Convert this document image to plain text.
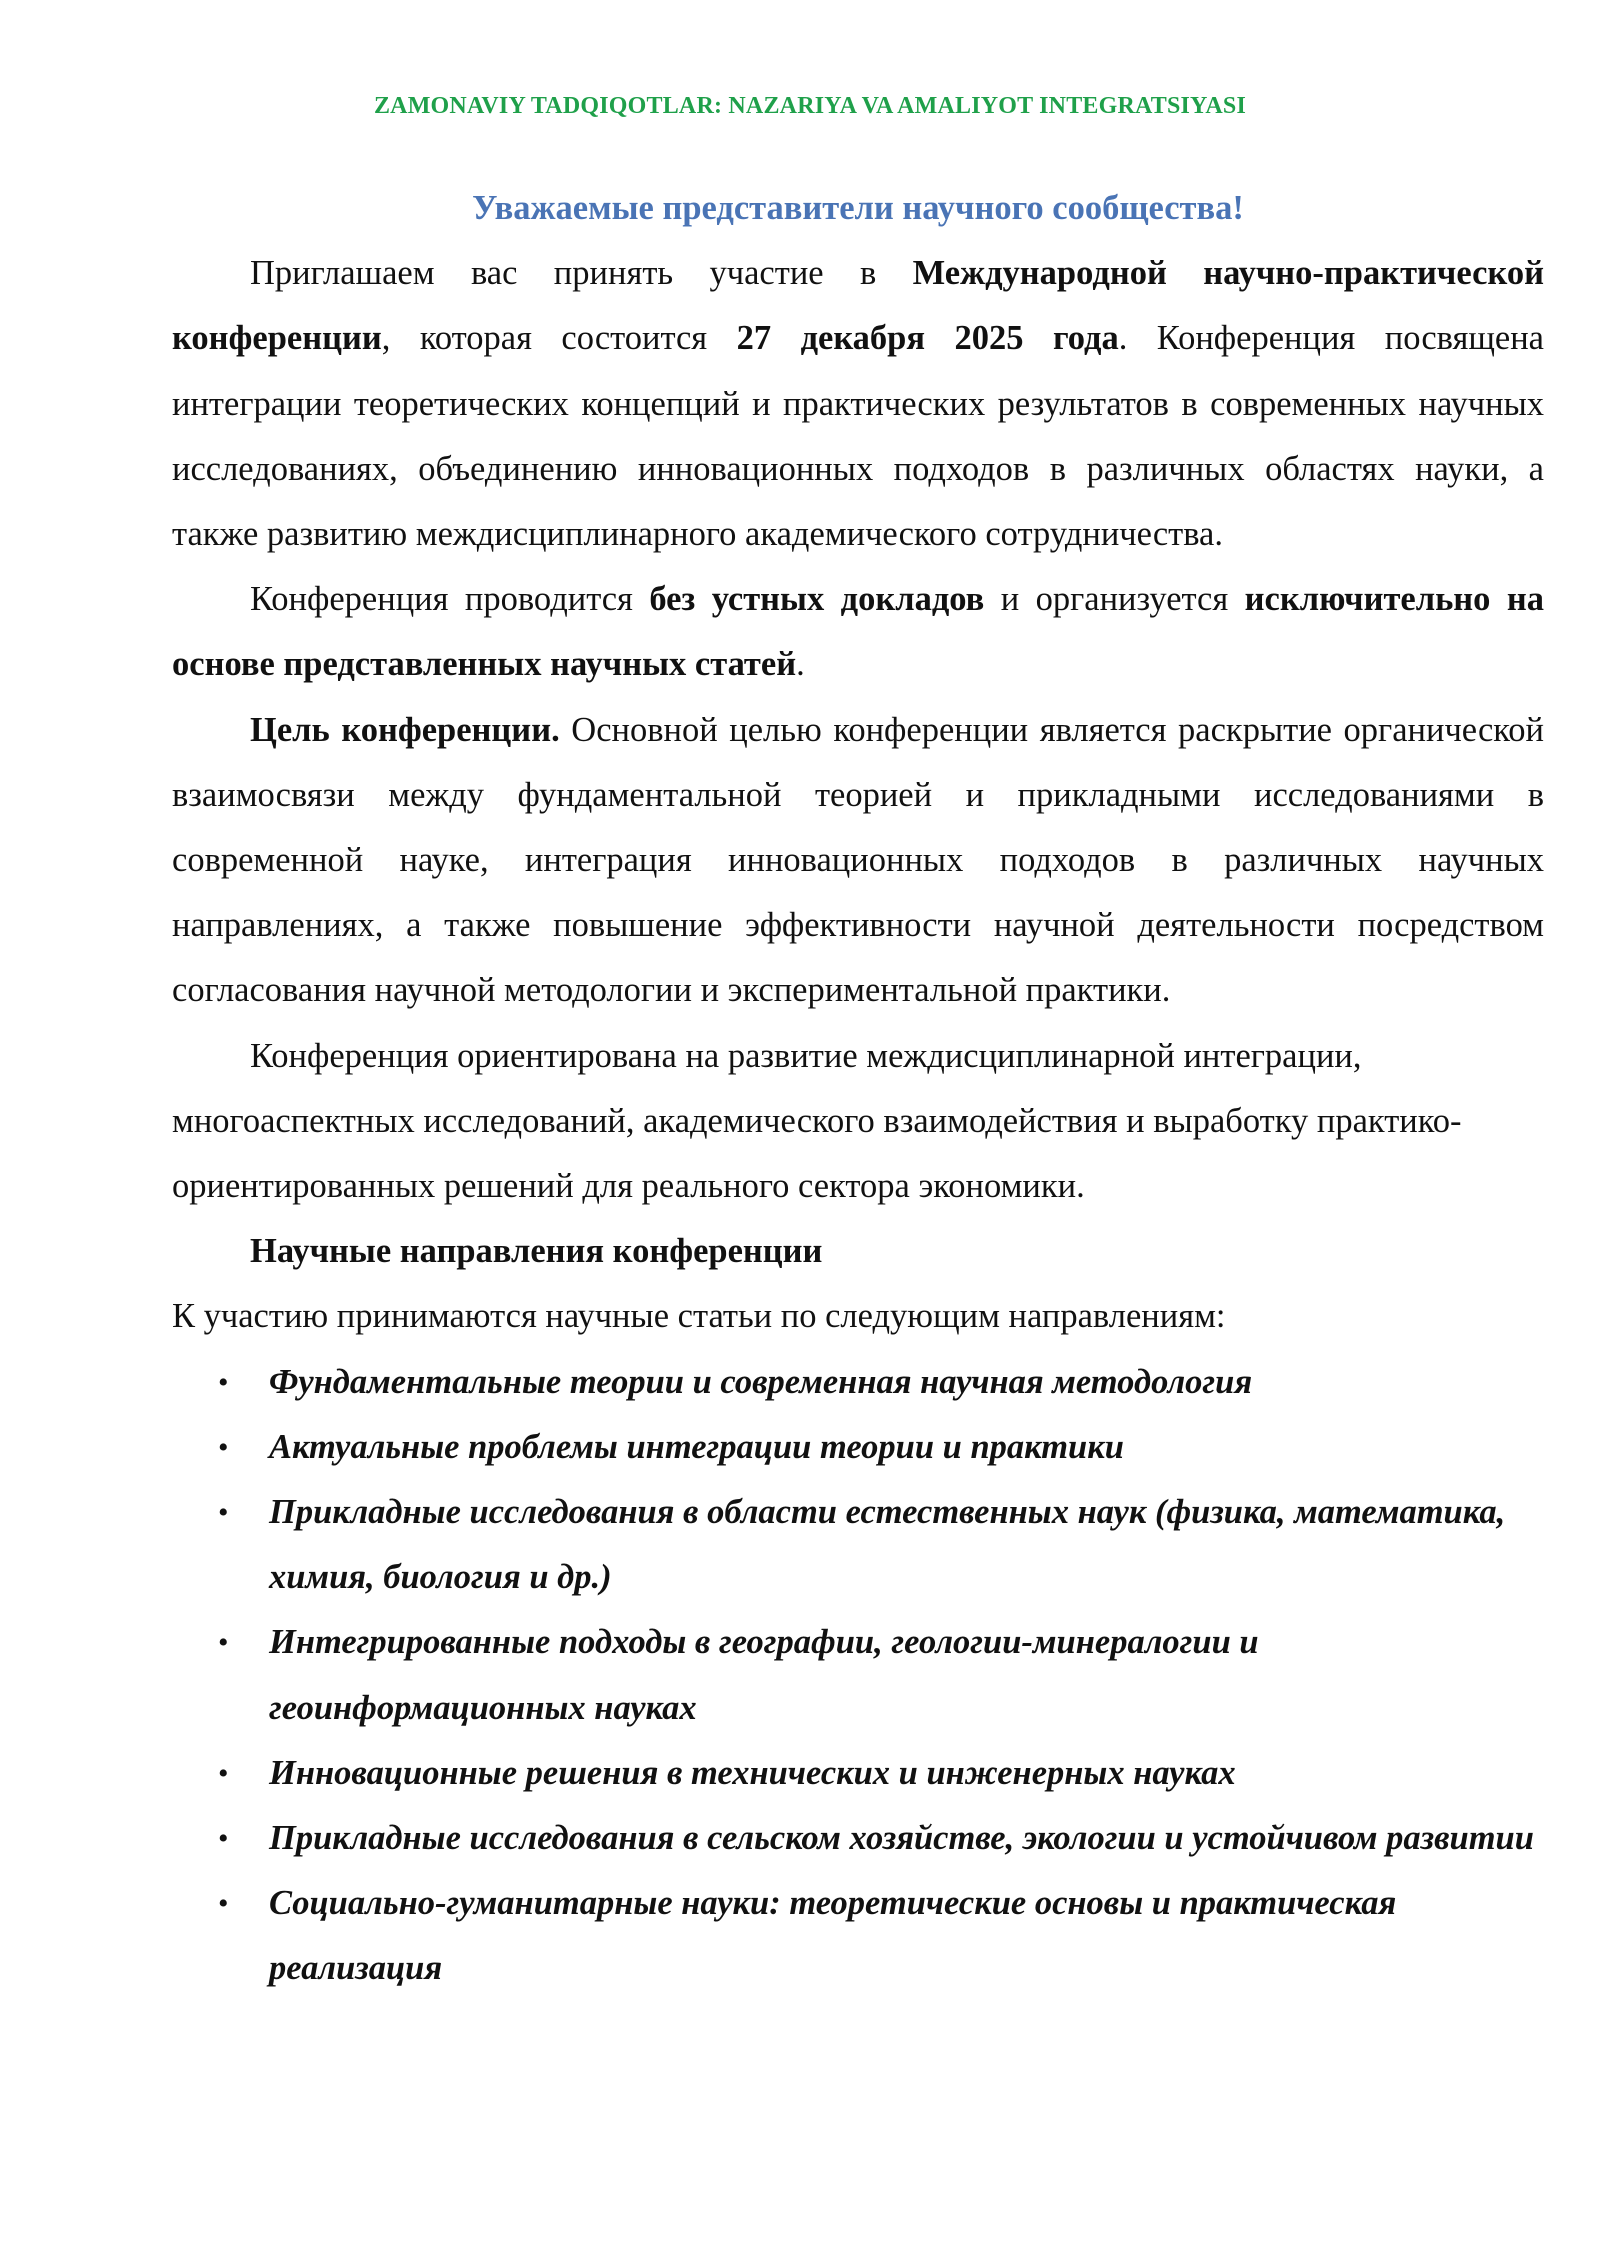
ZAMONAVIY TADQIQOTLAR: NAZARIYA VA AMALIYOT INTEGRATSIYASI

Уважаемые представители научного сообщества!

Приглашаем вас принять участие в Международной научно-практической конференции, которая состоится 27 декабря 2025 года. Конференция посвящена интеграции теоретических концепций и практических результатов в современных научных исследованиях, объединению инновационных подходов в различных областях науки, а также развитию междисциплинарного академического сотрудничества.

Конференция проводится без устных докладов и организуется исключительно на основе представленных научных статей.

Цель конференции. Основной целью конференции является раскрытие органической взаимосвязи между фундаментальной теорией и прикладными исследованиями в современной науке, интеграция инновационных подходов в различных научных направлениях, а также повышение эффективности научной деятельности посредством согласования научной методологии и экспериментальной практики.

Конференция ориентирована на развитие междисциплинарной интеграции, многоаспектных исследований, академического взаимодействия и выработку практико-ориентированных решений для реального сектора экономики.

Научные направления конференции

К участию принимаются научные статьи по следующим направлениям:

• Фундаментальные теории и современная научная методология
• Актуальные проблемы интеграции теории и практики
• Прикладные исследования в области естественных наук (физика, математика, химия, биология и др.)
• Интегрированные подходы в географии, геологии-минералогии и геоинформационных науках
• Инновационные решения в технических и инженерных науках
• Прикладные исследования в сельском хозяйстве, экологии и устойчивом развитии
• Социально-гуманитарные науки: теоретические основы и практическая реализация
